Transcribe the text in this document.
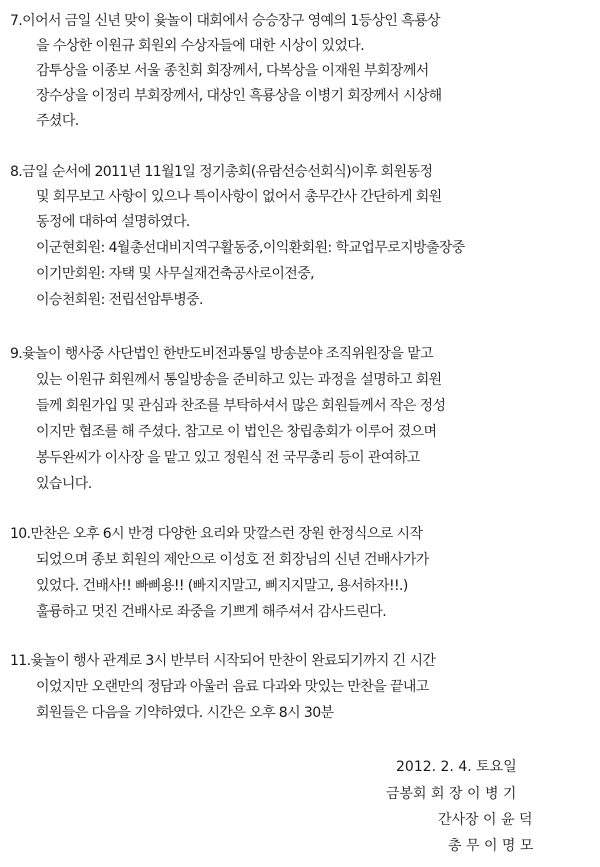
7.이어서 금일 신년 맞이 윷놀이 대회에서 승승장구 영예의 1등상인 흑룡상
을 수상한 이원규 회원외 수상자들에 대한 시상이 있었다.
감투상을 이종보 서울 종친회 회장께서, 다복상을 이재원 부회장께서
장수상을 이정리 부회장께서, 대상인 흑룡상을 이병기 회장께서 시상해
주셨다.
8.금일 순서에 2011년 11월1일 정기총회(유람선승선회식)이후 회원동정
및 회무보고 사항이 있으나 특이사항이 없어서 총무간사 간단하게 회원
동정에 대하여 설명하였다.
이군현회원: 4월총선대비지역구활동중,이익환회원: 학교업무로지방출장중
이기만회원: 자택 및 사무실재건축공사로이전중,
이승천회원: 전립선암투병중.
9.윷놀이 행사중 사단법인 한반도비전과통일 방송분야 조직위원장을 맡고
있는 이원규 회원께서 통일방송을 준비하고 있는 과정을 설명하고 회원
들께 회원가입 및 관심과 찬조를 부탁하셔서 많은 회원들께서 작은 정성
이지만 협조를 해 주셨다. 참고로 이 법인은 창립총회가 이루어 졌으며
봉두완씨가 이사장 을 맡고 있고 정원식 전 국무총리 등이 관여하고
있습니다.
10.만찬은 오후 6시 반경 다양한 요리와 맛깔스런 장원 한정식으로 시작
되었으며 종보 회원의 제안으로 이성호 전 회장님의 신년 건배사가가
있었다. 건배사!! 빠삐용!! (빠지지말고, 삐지지말고, 용서하자!!.)
훌륭하고 멋진 건배사로 좌중을 기쁘게 해주셔서 감사드린다.
11.윷놀이 행사 관계로 3시 반부터 시작되어 만찬이 완료되기까지 긴 시간
이었지만 오랜만의 정담과 아울러 음료 다과와 맛있는 만찬을 끝내고
회원들은 다음을 기약하였다. 시간은 오후 8시 30분
2012. 2. 4. 토요일
금봉회 회 장 이 병 기
간사장 이 윤 덕
총 무 이 명 모
